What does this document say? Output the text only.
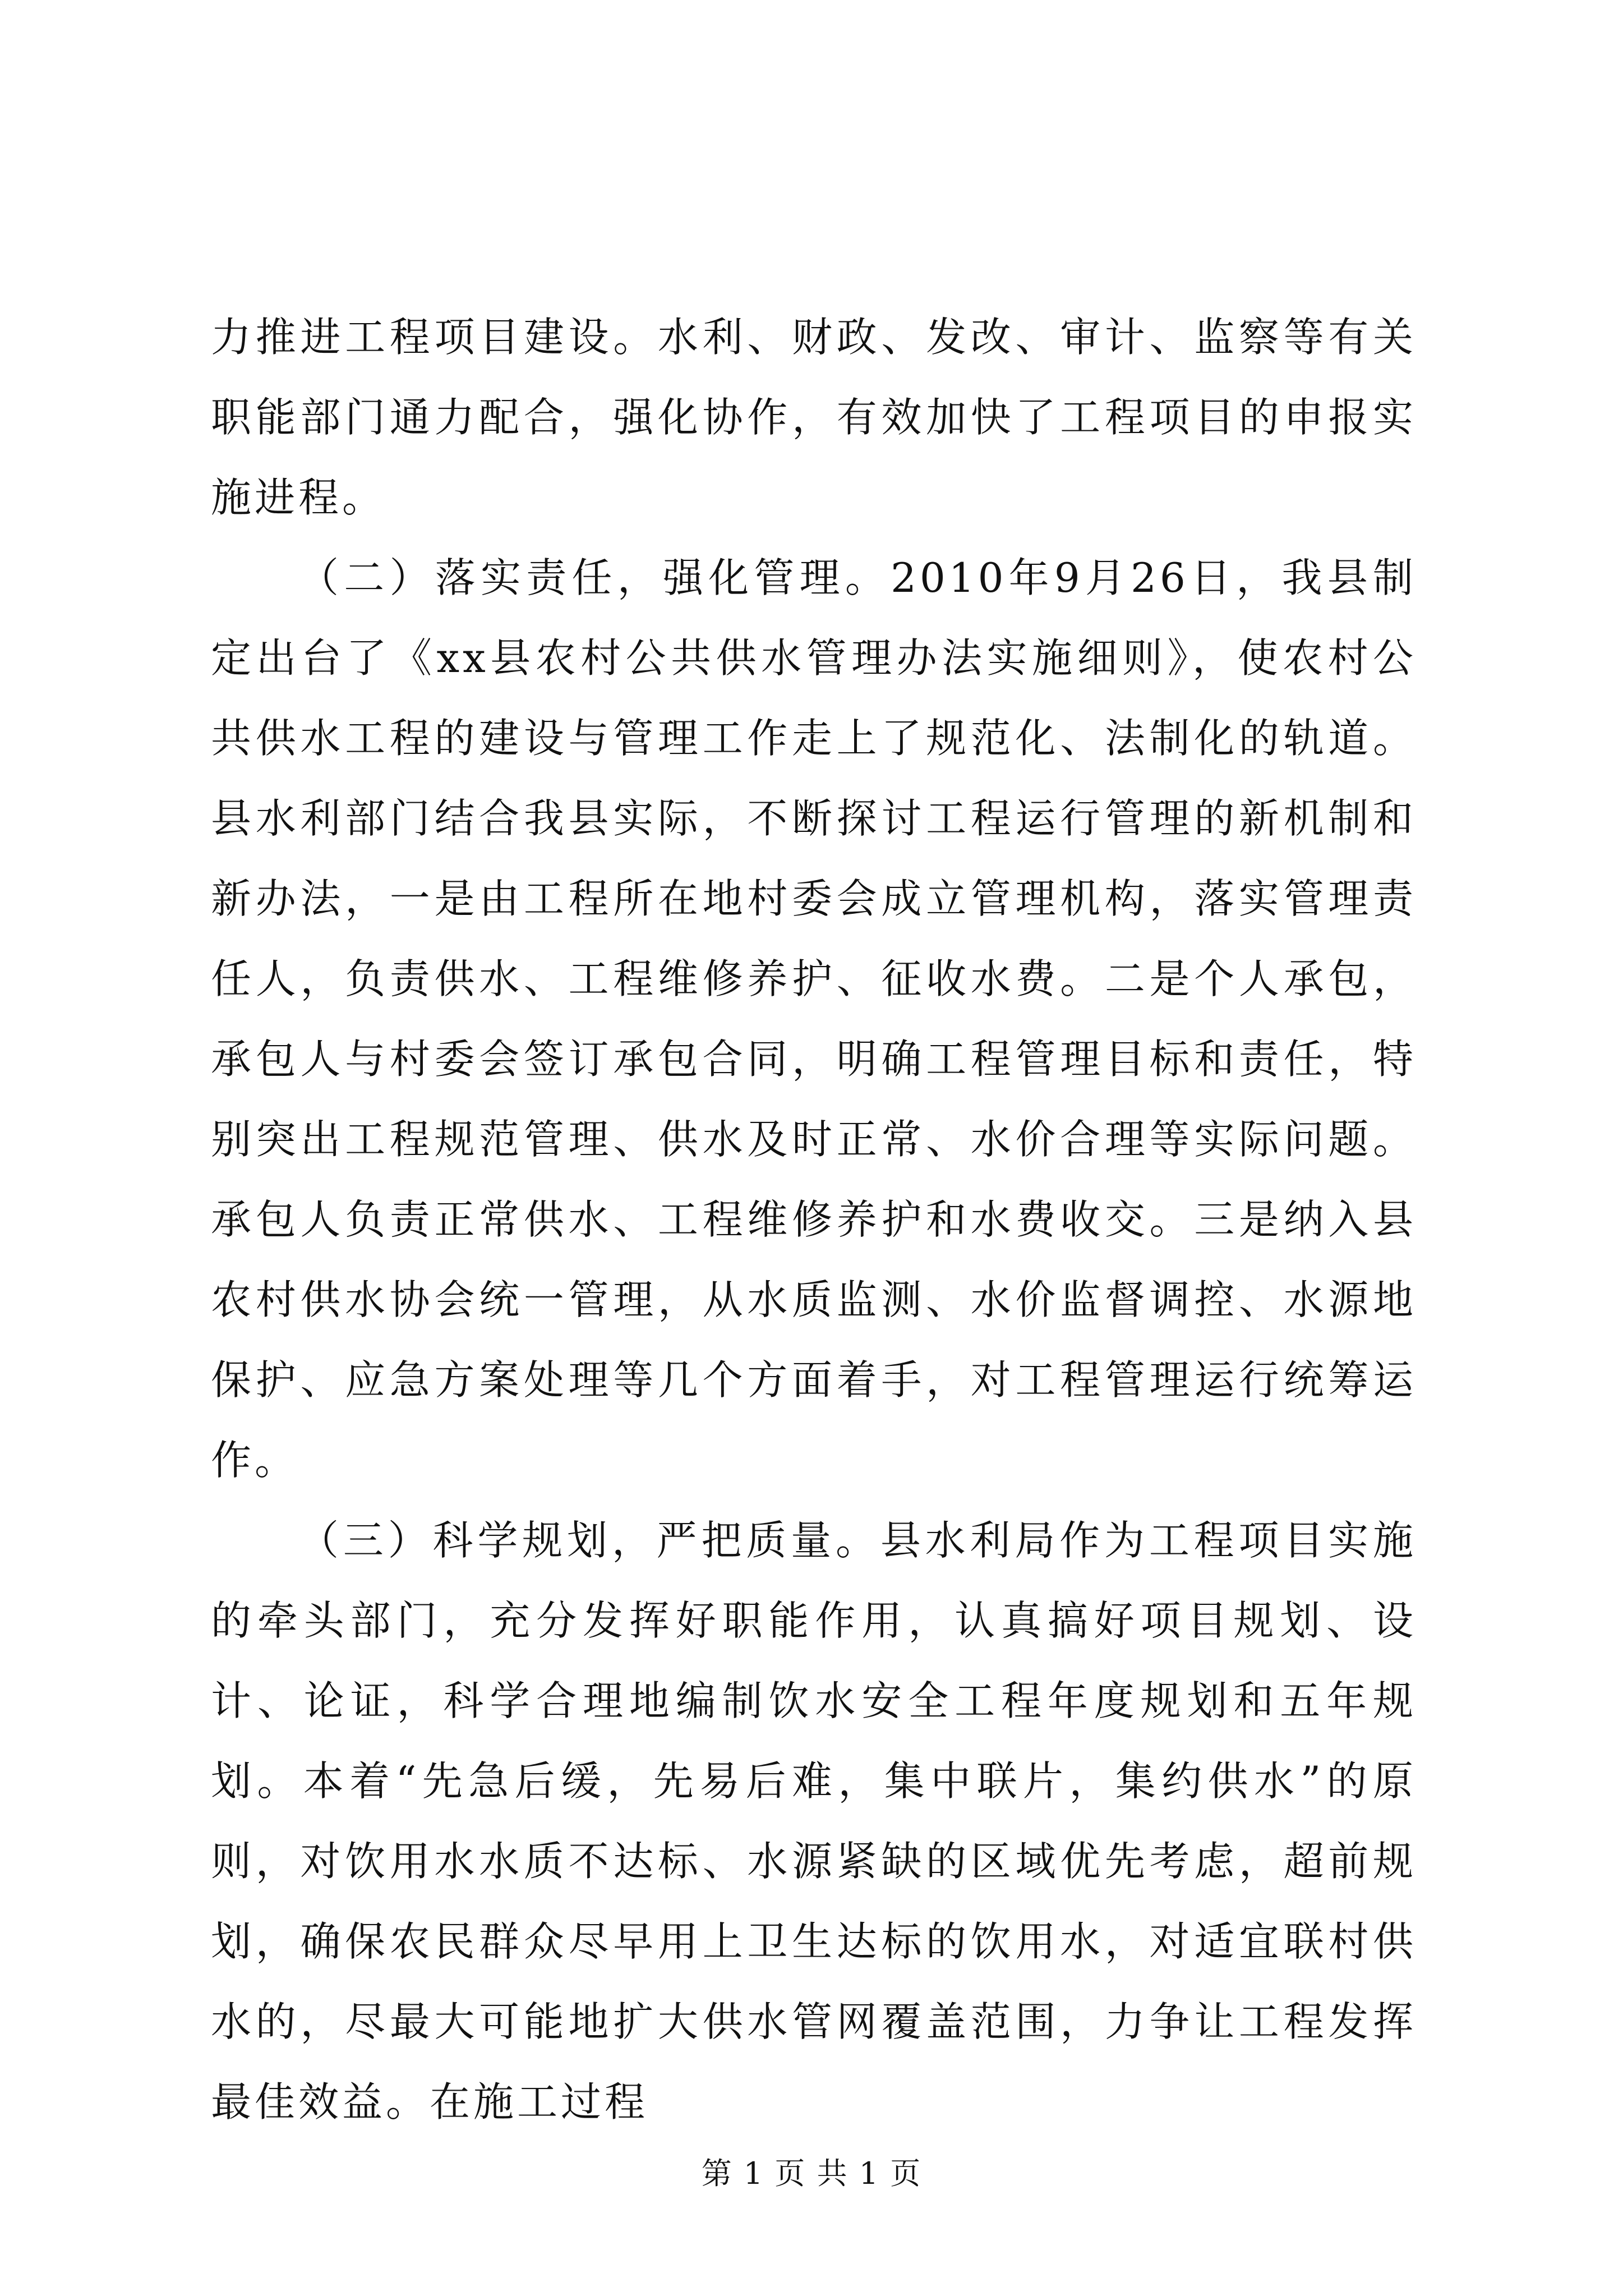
力推进工程项目建设。水利、财政、发改、审计、监察等有关职能部门通力配合，强化协作，有效加快了工程项目的申报实施进程。

（二）落实责任，强化管理。2010年9月26日，我县制定出台了《xx县农村公共供水管理办法实施细则》，使农村公共供水工程的建设与管理工作走上了规范化、法制化的轨道。县水利部门结合我县实际，不断探讨工程运行管理的新机制和新办法，一是由工程所在地村委会成立管理机构，落实管理责任人，负责供水、工程维修养护、征收水费。二是个人承包，承包人与村委会签订承包合同，明确工程管理目标和责任，特别突出工程规范管理、供水及时正常、水价合理等实际问题。承包人负责正常供水、工程维修养护和水费收交。三是纳入县农村供水协会统一管理，从水质监测、水价监督调控、水源地保护、应急方案处理等几个方面着手，对工程管理运行统筹运作。

（三）科学规划，严把质量。县水利局作为工程项目实施的牵头部门，充分发挥好职能作用，认真搞好项目规划、设计、论证，科学合理地编制饮水安全工程年度规划和五年规划。本着“先急后缓，先易后难，集中联片，集约供水”的原则，对饮用水水质不达标、水源紧缺的区域优先考虑，超前规划，确保农民群众尽早用上卫生达标的饮用水，对适宜联村供水的，尽最大可能地扩大供水管网覆盖范围，力争让工程发挥最佳效益。在施工过程

第 1 页 共 1 页
